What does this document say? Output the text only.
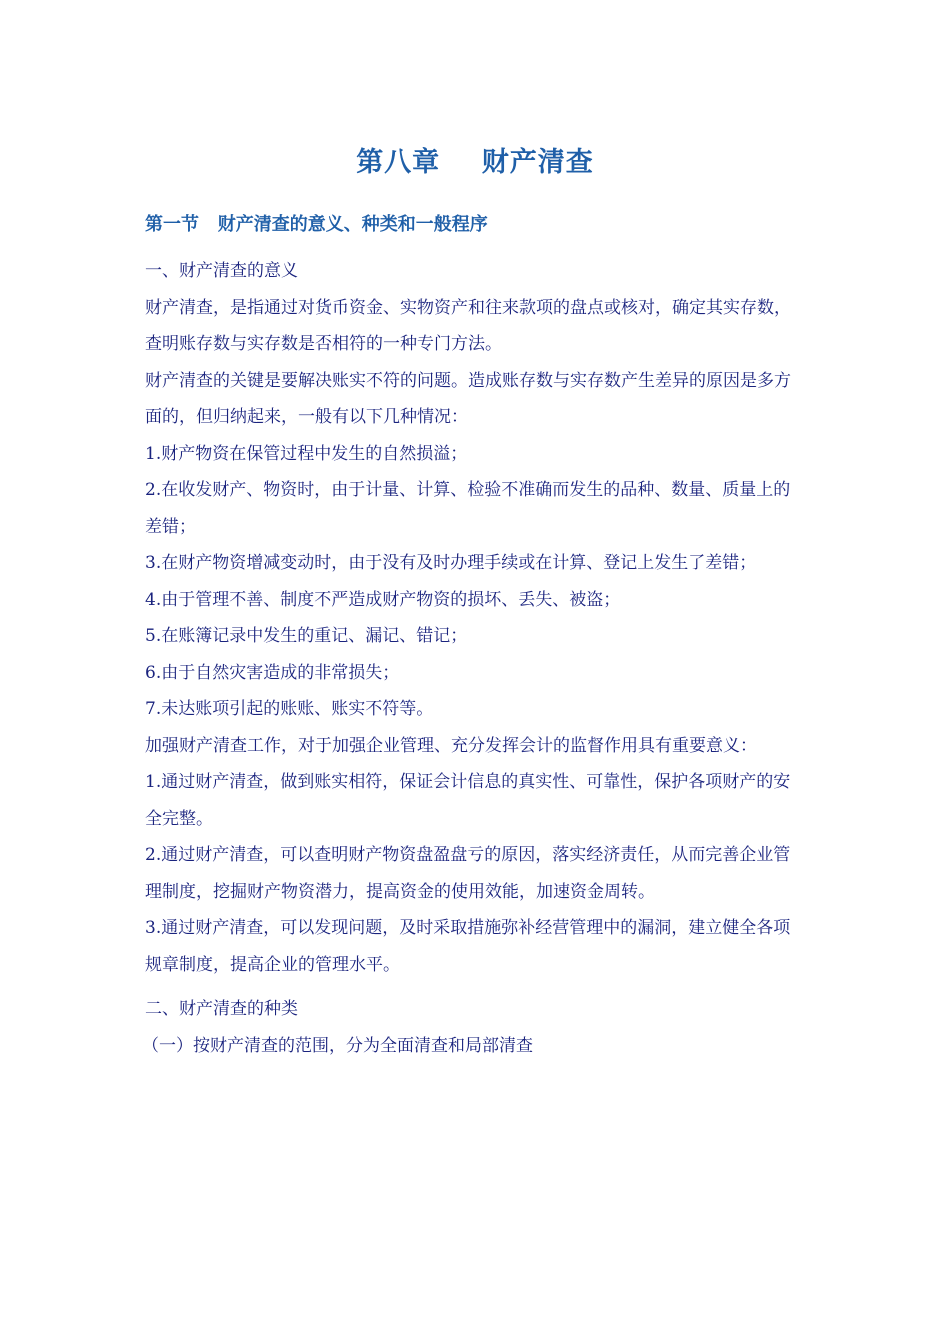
第八章    财产清查
第一节   财产清查的意义、种类和一般程序

一、财产清查的意义

财产清查，是指通过对货币资金、实物资产和往来款项的盘点或核对，确定其实存数，查明账存数与实存数是否相符的一种专门方法。

财产清查的关键是要解决账实不符的问题。造成账存数与实存数产生差异的原因是多方面的，但归纳起来，一般有以下几种情况：

1.财产物资在保管过程中发生的自然损溢；

2.在收发财产、物资时，由于计量、计算、检验不准确而发生的品种、数量、质量上的差错；

3.在财产物资增减变动时，由于没有及时办理手续或在计算、登记上发生了差错；

4.由于管理不善、制度不严造成财产物资的损坏、丢失、被盗；

5.在账簿记录中发生的重记、漏记、错记；

6.由于自然灾害造成的非常损失；

7.未达账项引起的账账、账实不符等。

加强财产清查工作，对于加强企业管理、充分发挥会计的监督作用具有重要意义：

1.通过财产清查，做到账实相符，保证会计信息的真实性、可靠性，保护各项财产的安全完整。

2.通过财产清查，可以查明财产物资盘盈盘亏的原因，落实经济责任，从而完善企业管理制度，挖掘财产物资潜力，提高资金的使用效能，加速资金周转。

3.通过财产清查，可以发现问题，及时采取措施弥补经营管理中的漏洞，建立健全各项规章制度，提高企业的管理水平。

二、财产清查的种类

（一）按财产清查的范围，分为全面清查和局部清查
